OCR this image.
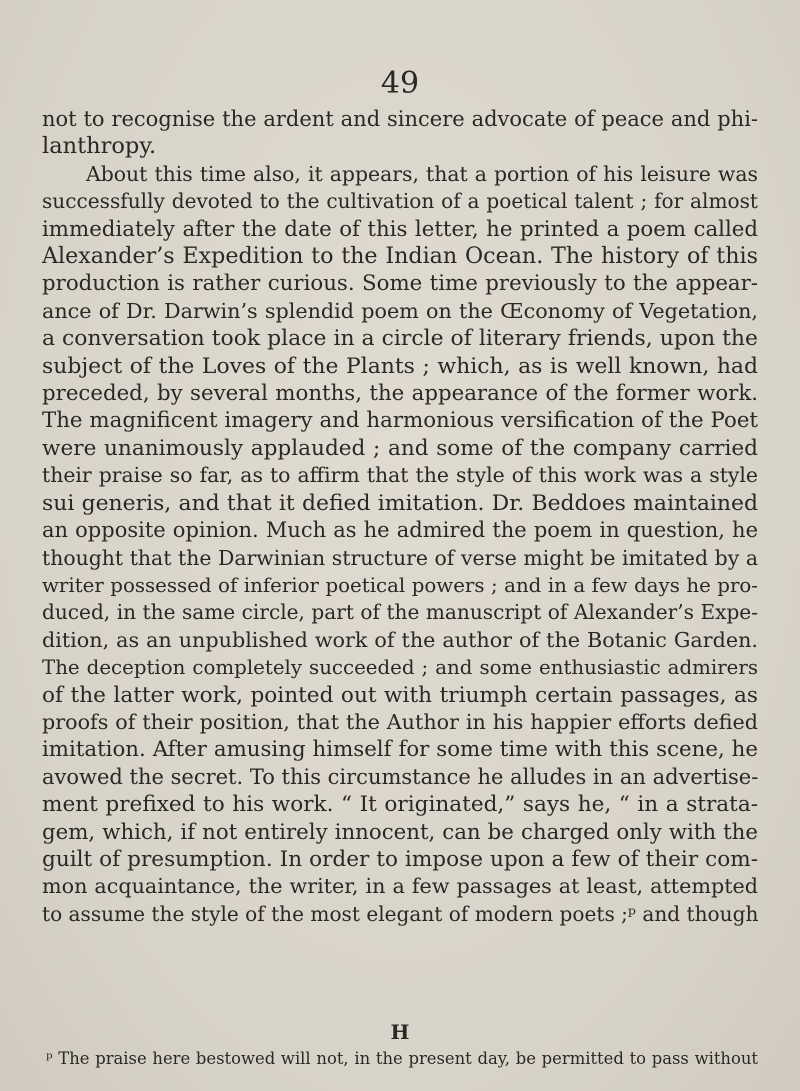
49
not to recognise the ardent and sincere advocate of peace and phi-
lanthropy.
About this time also, it appears, that a portion of his leisure was
successfully devoted to the cultivation of a poetical talent ; for almost
immediately after the date of this letter, he printed a poem called
Alexander’s Expedition to the Indian Ocean. The history of this
production is rather curious. Some time previously to the appear-
ance of Dr. Darwin’s splendid poem on the Œconomy of Vegetation,
a conversation took place in a circle of literary friends, upon the
subject of the Loves of the Plants ; which, as is well known, had
preceded, by several months, the appearance of the former work.
The magnificent imagery and harmonious versification of the Poet
were unanimously applauded ; and some of the company carried
their praise so far, as to affirm that the style of this work was a style
sui generis, and that it defied imitation. Dr. Beddoes maintained
an opposite opinion. Much as he admired the poem in question, he
thought that the Darwinian structure of verse might be imitated by a
writer possessed of inferior poetical powers ; and in a few days he pro-
duced, in the same circle, part of the manuscript of Alexander’s Expe-
dition, as an unpublished work of the author of the Botanic Garden.
The deception completely succeeded ; and some enthusiastic admirers
of the latter work, pointed out with triumph certain passages, as
proofs of their position, that the Author in his happier efforts defied
imitation. After amusing himself for some time with this scene, he
avowed the secret. To this circumstance he alludes in an advertise-
ment prefixed to his work. “ It originated,” says he, “ in a strata-
gem, which, if not entirely innocent, can be charged only with the
guilt of presumption. In order to impose upon a few of their com-
mon acquaintance, the writer, in a few passages at least, attempted
to assume the style of the most elegant of modern poets ;ᵖ and though
H
ᵖ The praise here bestowed will not, in the present day, be permitted to pass without
